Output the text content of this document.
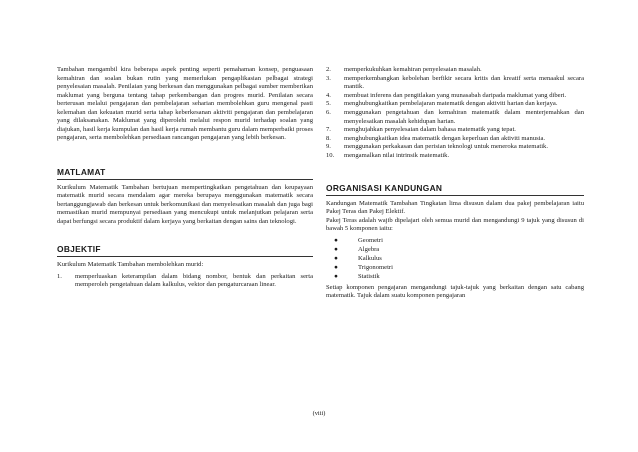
Tambahan mengambil kira beberapa aspek penting seperti pemahaman konsep, penguasaan kemahiran dan soalan bukan rutin yang memerlukan pengaplikasian pelbagai strategi penyelesaian masalah. Penilaian yang berkesan dan menggunakan pelbagai sumber memberikan maklumat yang berguna tentang tahap perkembangan dan progres murid. Penilaian secara berterusan melalui pengajaran dan pembelajaran seharian membolehkan guru mengenal pasti kelemahan dan kekuatan murid serta tahap keberkesanan aktiviti pengajaran dan pembelajaran yang dilaksanakan. Maklumat yang diperolehi melalui respon murid terhadap soalan yang diajukan, hasil kerja kumpulan dan hasil kerja rumah membantu guru dalam memperbaiki proses pengajaran, serta membolehkan persediaan rancangan pengajaran yang lebih berkesan.

MATLAMAT

Kurikulum Matematik Tambahan bertujuan mempertingkatkan pengetahuan dan keupayaan matematik murid secara mendalam agar mereka berupaya menggunakan matematik secara bertanggungjawab dan berkesan untuk berkomunikasi dan menyelesaikan masalah dan juga bagi memastikan murid mempunyai persediaan yang mencukupi untuk melanjutkan pelajaran serta dapat berfungsi secara produktif dalam kerjaya yang berkaitan dengan sains dan teknologi.

OBJEKTIF

Kurikulum Matematik Tambahan membolehkan murid:

1.	memperluaskan keterampilan dalam bidang nombor, bentuk dan perkaitan serta memperoleh pengetahuan dalam kalkulus, vektor dan pengaturcaraan linear.
2.	memperkukuhkan kemahiran penyelesaian masalah.
3.	memperkembangkan kebolehan berfikir secara kritis dan kreatif serta menaakul secara mantik.
4.	membuat inferens dan pengitlakan yang munasabah daripada maklumat yang diberi.
5.	menghubungkaitkan pembelajaran matematik dengan aktiviti harian dan kerjaya.
6.	menggunakan pengetahuan dan kemahiran matematik dalam menterjemahkan dan menyelesaikan masalah kehidupan harian.
7.	menghujahkan penyelesaian dalam bahasa matematik yang tepat.
8.	menghubungkaitkan idea matematik dengan keperluan dan aktiviti manusia.
9.	menggunakan perkakasan dan perisian teknologi untuk meneroka matematik.
10.	mengamalkan nilai intrinsik matematik.
ORGANISASI KANDUNGAN

Kandungan Matematik Tambahan Tingkatan lima disusun dalam dua pakej pembelajaran iaitu Pakej Teras dan Pakej Elektif.

Pakej Teras adalah wajib dipelajari oleh semua murid dan mengandungi 9 tajuk yang disusun di bawah 5 komponen iaitu:

●	Geometri
●	Algebra
●	Kalkulus
●	Trigonometri
●	Statistik

Setiap komponen pengajaran mengandungi tajuk-tajuk yang berkaitan dengan satu cabang matematik. Tajuk dalam suatu komponen pengajaran

(viii)
